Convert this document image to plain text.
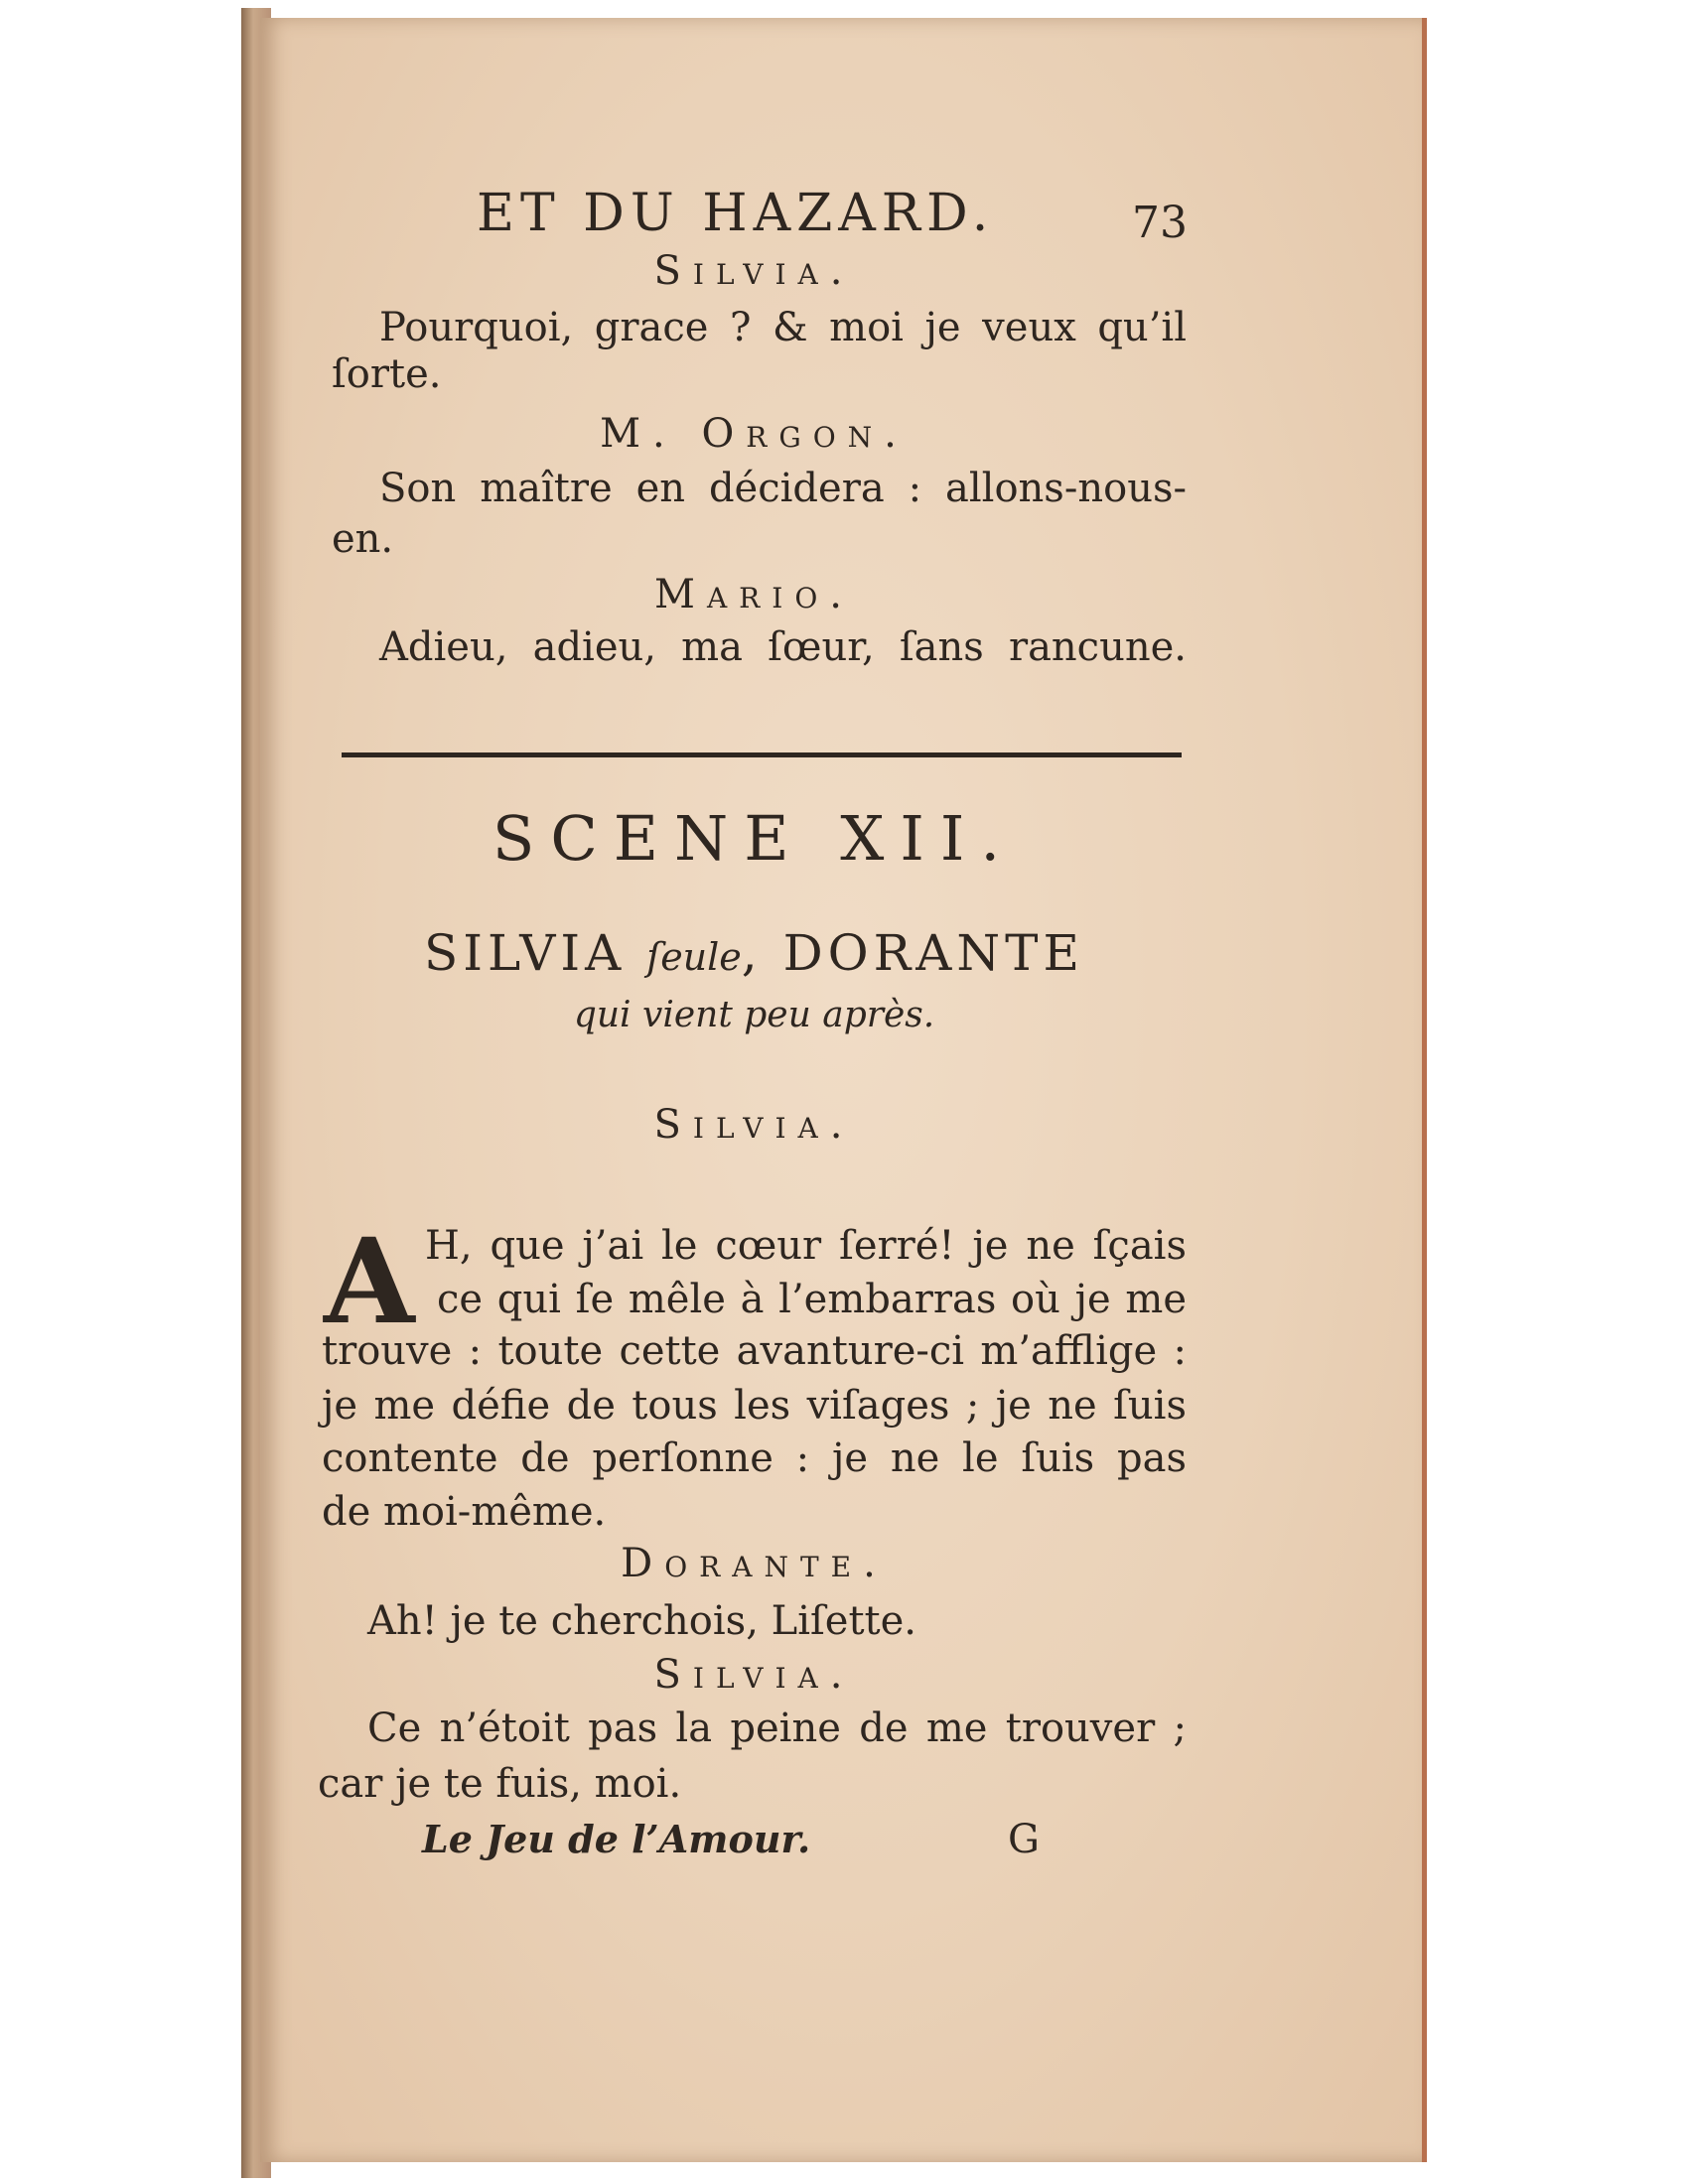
ET DU HAZARD.	73
Silvia.
Pourquoi, grace ? & moi je veux qu’il
ſorte.
M. Orgon.
Son maître en décidera : allons-nous-
en.
Mario.
Adieu, adieu, ma ſœur, ſans rancune.
SCENE XII.
SILVIA ſeule, DORANTE
qui vient peu après.
Silvia.
A H, que j’ai le cœur ſerré! je ne ſçais
ce qui ſe mêle à l’embarras où je me
trouve : toute cette avanture-ci m’afflige :
je me défie de tous les viſages ; je ne ſuis
contente de perſonne : je ne le ſuis pas
de moi-même.
Dorante.
Ah! je te cherchois, Liſette.
Silvia.
Ce n’étoit pas la peine de me trouver ;
car je te fuis, moi.
Le Jeu de l’Amour.	G
